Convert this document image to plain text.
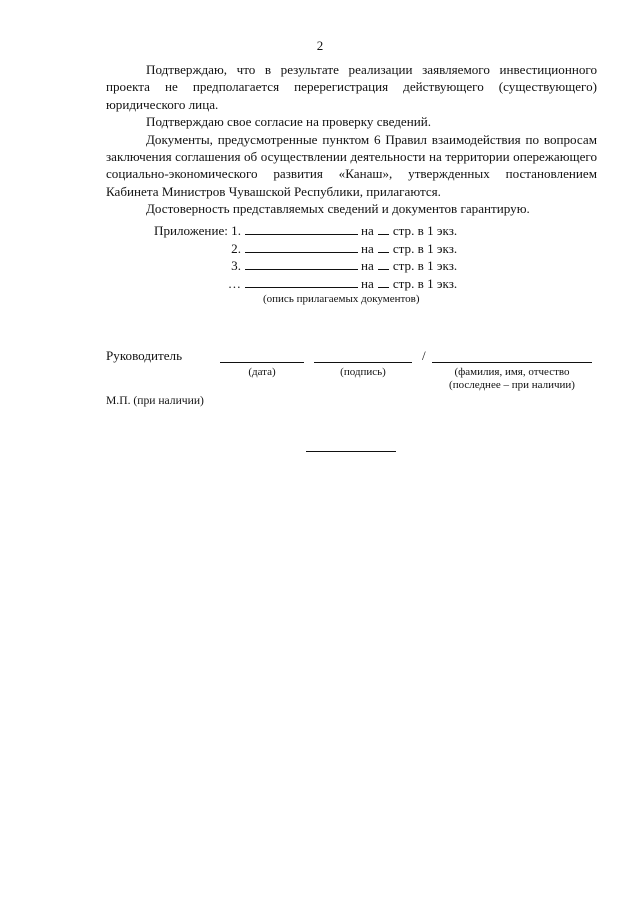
2

Подтверждаю, что в результате реализации заявляемого инвестиционного проекта не предполагается перерегистрация действующего (существующего) юридического лица.

Подтверждаю свое согласие на проверку сведений.

Документы, предусмотренные пунктом 6 Правил взаимодействия по вопросам заключения соглашения об осуществлении деятельности на территории опережающего социально-экономического развития «Канаш», утвержденных постановлением Кабинета Министров Чувашской Республики, прилагаются.

Достоверность представляемых сведений и документов гарантирую.

Приложение: 1.	на стр. в 1 экз.
2.	на стр. в 1 экз.
3.	на стр. в 1 экз.
…	на стр. в 1 экз.
(опись прилагаемых документов)
Руководитель	/
(дата)	(подпись)	(фамилия, имя, отчество
(последнее – при наличии)
М.П. (при наличии)
